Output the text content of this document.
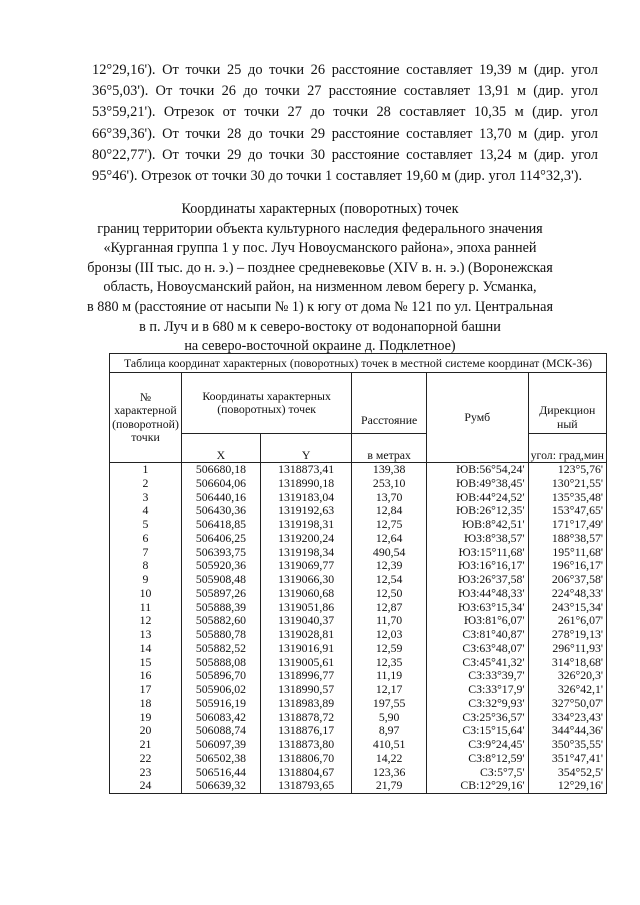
12°29,16'). От точки 25 до точки 26 расстояние составляет 19,39 м (дир. угол
36°5,03'). От точки 26 до точки 27 расстояние составляет 13,91 м (дир. угол
53°59,21'). Отрезок от точки 27 до точки 28 составляет 10,35 м (дир. угол
66°39,36'). От точки 28 до точки 29 расстояние составляет 13,70 м (дир. угол
80°22,77'). От точки 29 до точки 30 расстояние составляет 13,24 м (дир. угол
95°46'). Отрезок от точки 30 до точки 1 составляет 19,60 м (дир. угол 114°32,3').
Координаты характерных (поворотных) точек
границ территории объекта культурного наследия федерального значения
«Курганная группа 1 у пос. Луч Новоусманского района», эпоха ранней
бронзы (III тыс. до н. э.) – позднее средневековье (XIV в. н. э.) (Воронежская
область, Новоусманский район, на низменном левом берегу р. Усманка,
в 880 м (расстояние от насыпи № 1) к югу от дома № 121 по ул. Центральная
в п. Луч и в 680 м к северо-востоку от водонапорной башни
на северо-восточной окраине д. Подклетное)
Таблица координат характерных (поворотных) точек в местной системе координат (МСК-36)					
№ характерной (поворотной) точки	Координаты характерных (поворотных) точек		Расстояние	Румб	Дирекцион ный
	X	Y	в метрах		угол: град,мин
1	506680,18	1318873,41	139,38	ЮВ:56°54,24'	123°5,76'
2	506604,06	1318990,18	253,10	ЮВ:49°38,45'	130°21,55'
3	506440,16	1319183,04	13,70	ЮВ:44°24,52'	135°35,48'
4	506430,36	1319192,63	12,84	ЮВ:26°12,35'	153°47,65'
5	506418,85	1319198,31	12,75	ЮВ:8°42,51'	171°17,49'
6	506406,25	1319200,24	12,64	ЮЗ:8°38,57'	188°38,57'
7	506393,75	1319198,34	490,54	ЮЗ:15°11,68'	195°11,68'
8	505920,36	1319069,77	12,39	ЮЗ:16°16,17'	196°16,17'
9	505908,48	1319066,30	12,54	ЮЗ:26°37,58'	206°37,58'
10	505897,26	1319060,68	12,50	ЮЗ:44°48,33'	224°48,33'
11	505888,39	1319051,86	12,87	ЮЗ:63°15,34'	243°15,34'
12	505882,60	1319040,37	11,70	ЮЗ:81°6,07'	261°6,07'
13	505880,78	1319028,81	12,03	СЗ:81°40,87'	278°19,13'
14	505882,52	1319016,91	12,59	СЗ:63°48,07'	296°11,93'
15	505888,08	1319005,61	12,35	СЗ:45°41,32'	314°18,68'
16	505896,70	1318996,77	11,19	СЗ:33°39,7'	326°20,3'
17	505906,02	1318990,57	12,17	СЗ:33°17,9'	326°42,1'
18	505916,19	1318983,89	197,55	СЗ:32°9,93'	327°50,07'
19	506083,42	1318878,72	5,90	СЗ:25°36,57'	334°23,43'
20	506088,74	1318876,17	8,97	СЗ:15°15,64'	344°44,36'
21	506097,39	1318873,80	410,51	СЗ:9°24,45'	350°35,55'
22	506502,38	1318806,70	14,22	СЗ:8°12,59'	351°47,41'
23	506516,44	1318804,67	123,36	СЗ:5°7,5'	354°52,5'
24	506639,32	1318793,65	21,79	СВ:12°29,16'	12°29,16'
